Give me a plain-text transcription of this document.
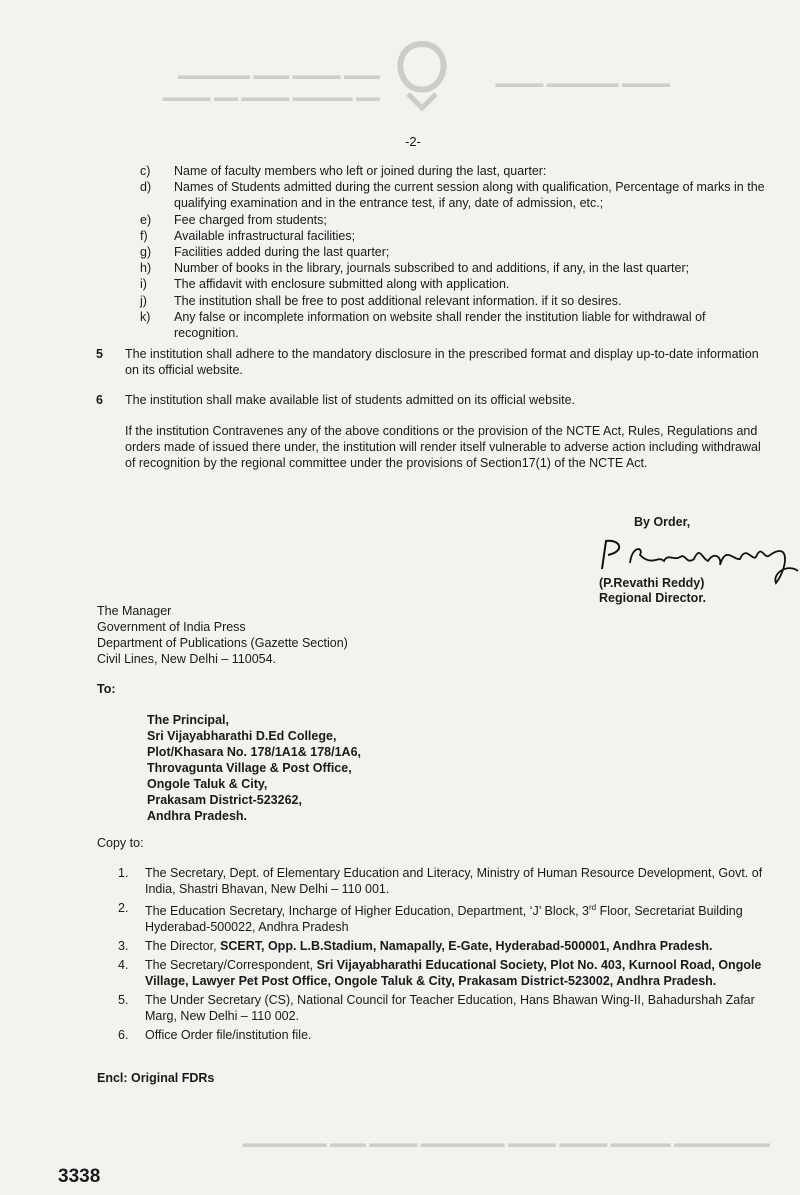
▬▬▬ ▬▬▬▬ ▬▬▬ ▬▬▬▬▬▬
▬▬ ▬▬▬▬▬ ▬▬▬▬ ▬▬ ▬▬▬▬
▬▬▬▬ ▬▬▬▬▬▬ ▬▬▬▬
▬▬▬▬▬▬▬▬ ▬▬▬▬▬ ▬▬▬▬ ▬▬▬▬ ▬▬▬▬▬▬▬ ▬▬▬▬ ▬▬▬ ▬▬▬▬▬▬▬
-2-
c)	Name of faculty members who left or joined during the last, quarter:
d)	Names of Students admitted during the current session along with qualification, Percentage of marks in the qualifying examination and in the entrance test, if any, date of admission, etc.;
e)	Fee charged from students;
f)	Available infrastructural facilities;
g)	Facilities added during the last quarter;
h)	Number of books in the library, journals subscribed to and additions, if any, in the last quarter;
i)	The affidavit with enclosure submitted along with application.
j)	The institution shall be free to post additional relevant information. if it so desires.
k)	Any false or incomplete information on website shall render the institution liable for withdrawal of recognition.
5 The institution shall adhere to the mandatory disclosure in the prescribed format and display up-to-date information on its official website.
6 The institution shall make available list of students admitted on its official website.
If the institution Contravenes any of the above conditions or the provision of the NCTE Act, Rules, Regulations and orders made of issued there under, the institution will render itself vulnerable to adverse action including withdrawal of recognition by the regional committee under the provisions of Section17(1) of the NCTE Act.
By Order,
(P.Revathi Reddy)
Regional Director.
The Manager
Government of India Press
Department of Publications (Gazette Section)
Civil Lines, New Delhi – 110054.
To:
The Principal,
Sri Vijayabharathi D.Ed College,
Plot/Khasara No. 178/1A1& 178/1A6,
Throvagunta Village & Post Office,
Ongole Taluk & City,
Prakasam District-523262,
Andhra Pradesh.
Copy to:
1.	The Secretary, Dept. of Elementary Education and Literacy, Ministry of Human Resource Development, Govt. of India, Shastri Bhavan, New Delhi – 110 001.
2.	The Education Secretary, Incharge of Higher Education, Department, ‘J’ Block, 3rd Floor, Secretariat Building Hyderabad-500022, Andhra Pradesh
3.	The Director, SCERT, Opp. L.B.Stadium, Namapally, E-Gate, Hyderabad-500001, Andhra Pradesh.
4.	The Secretary/Correspondent, Sri Vijayabharathi Educational Society, Plot No. 403, Kurnool Road, Ongole Village, Lawyer Pet Post Office, Ongole Taluk & City, Prakasam District-523002, Andhra Pradesh.
5.	The Under Secretary (CS), National Council for Teacher Education, Hans Bhawan Wing-II, Bahadurshah Zafar Marg, New Delhi – 110 002.
6.	Office Order file/institution file.
Encl: Original FDRs
3338
